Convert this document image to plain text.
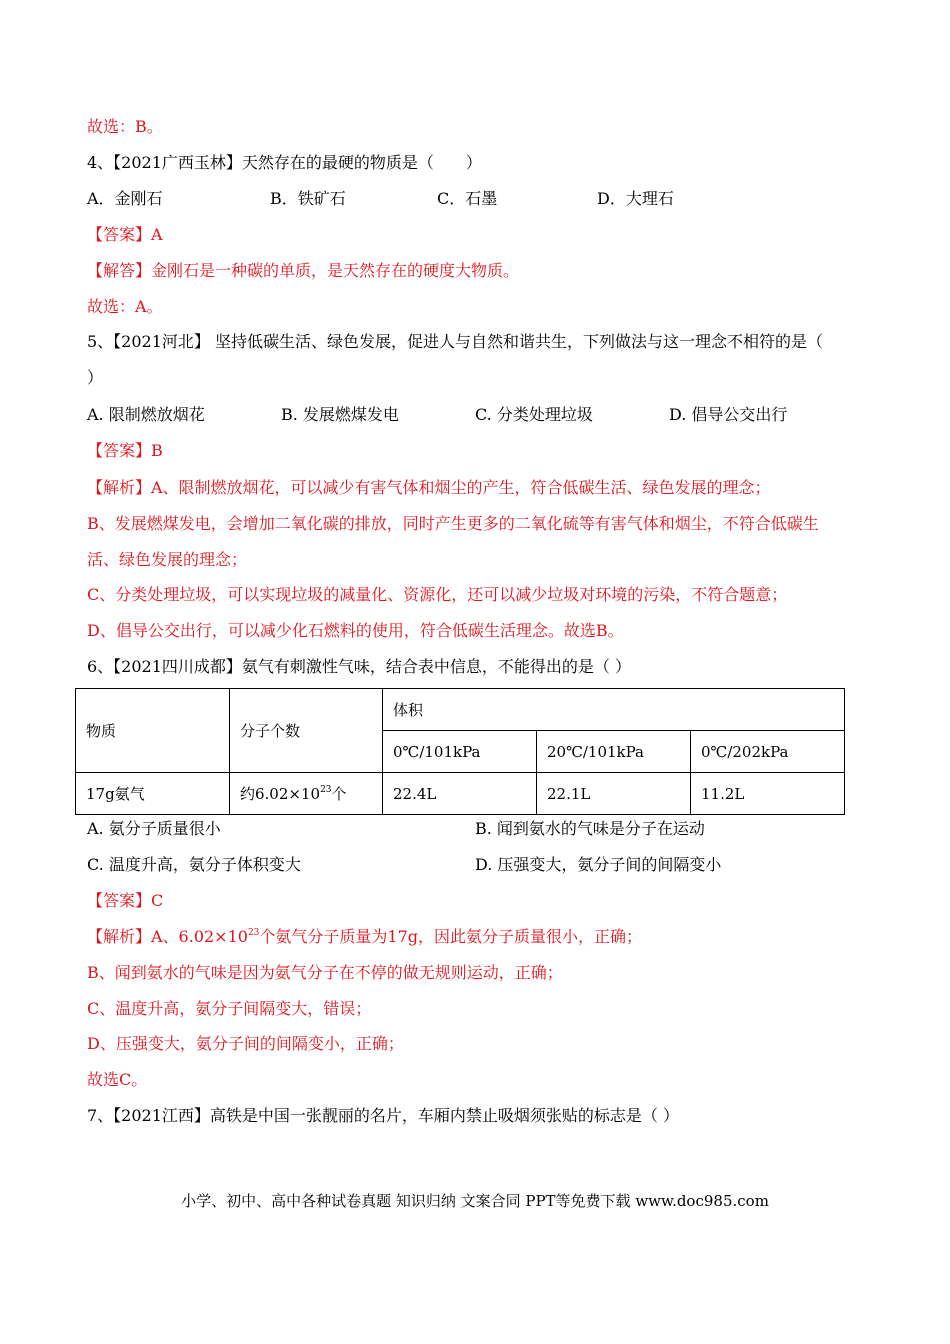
故选：B。
4、【2021广西玉林】天然存在的最硬的物质是（　　）
A．金刚石	B．铁矿石	C．石墨	D．大理石
【答案】A
【解答】金刚石是一种碳的单质，是天然存在的硬度大物质。
故选：A。
5、【2021河北】 坚持低碳生活、绿色发展，促进人与自然和谐共生，下列做法与这一理念不相符的是（
）
A. 限制燃放烟花	B. 发展燃煤发电	C. 分类处理垃圾	D. 倡导公交出行
【答案】B
【解析】A、限制燃放烟花，可以减少有害气体和烟尘的产生，符合低碳生活、绿色发展的理念；
B、发展燃煤发电，会增加二氧化碳的排放，同时产生更多的二氧化硫等有害气体和烟尘，不符合低碳生
活、绿色发展的理念；
C、分类处理垃圾，可以实现垃圾的减量化、资源化，还可以减少垃圾对环境的污染，不符合题意；
D、倡导公交出行，可以减少化石燃料的使用，符合低碳生活理念。故选B。
6、【2021四川成都】氨气有刺激性气味，结合表中信息，不能得出的是（ ）
物质	分子个数	体积		
		0℃/101kPa	20℃/101kPa	0℃/202kPa
17g氨气	约$6.02\times 10^{23}$个	22.4L	22.1L	11.2L
A. 氨分子质量很小	B. 闻到氨水的气味是分子在运动
C. 温度升高，氨分子体积变大	D. 压强变大，氨分子间的间隔变小
【答案】C
【解析】A、$6.02\times 10^{23}$个氨气分子质量为17g，因此氨分子质量很小，正确；
B、闻到氨水的气味是因为氨气分子在不停的做无规则运动，正确；
C、温度升高，氨分子间隔变大，错误；
D、压强变大，氨分子间的间隔变小，正确；
故选C。
7、【2021江西】高铁是中国一张靓丽的名片，车厢内禁止吸烟须张贴的标志是（ ）
小学、初中、高中各种试卷真题 知识归纳 文案合同 PPT等免费下载 www.doc985.com
